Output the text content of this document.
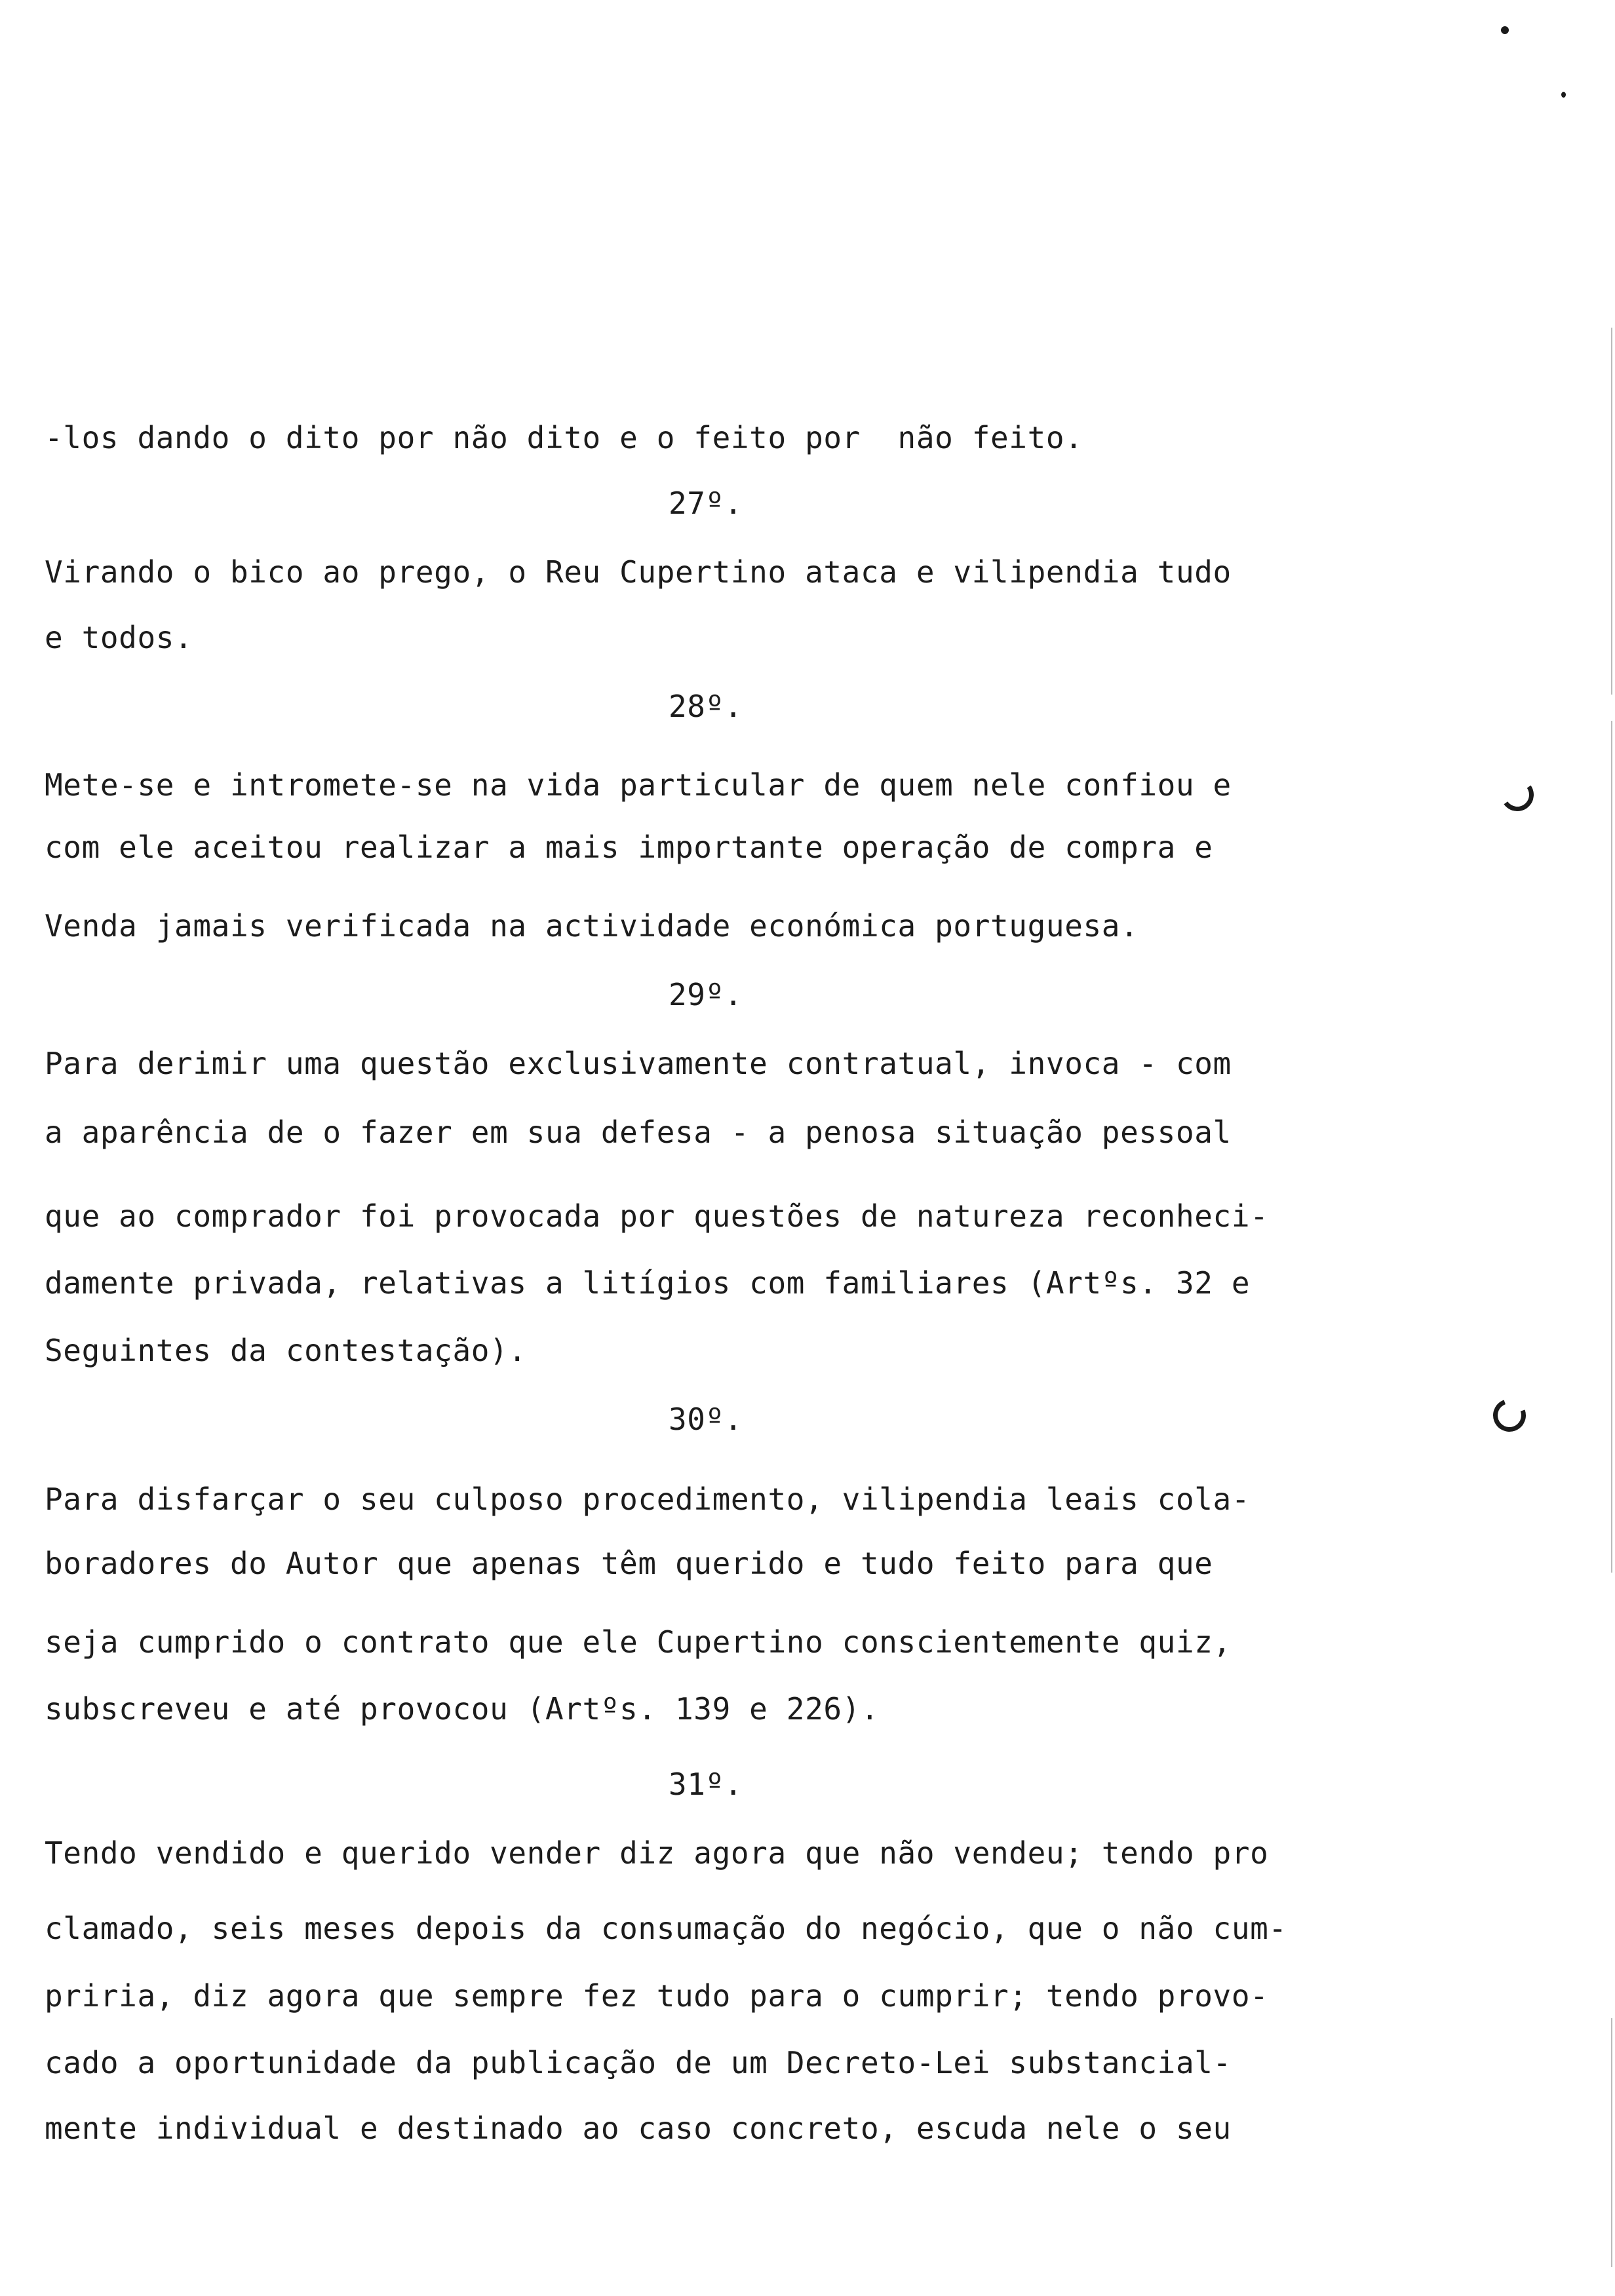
-los dando o dito por não dito e o feito por  não feito.
27º.
Virando o bico ao prego, o Reu Cupertino ataca e vilipendia tudo
e todos.
28º.
Mete-se e intromete-se na vida particular de quem nele confiou e
com ele aceitou realizar a mais importante operação de compra e
Venda jamais verificada na actividade económica portuguesa.
29º.
Para derimir uma questão exclusivamente contratual, invoca - com
a aparência de o fazer em sua defesa - a penosa situação pessoal
que ao comprador foi provocada por questões de natureza reconheci-
damente privada, relativas a litígios com familiares (Artºs. 32 e
Seguintes da contestação).
30º.
Para disfarçar o seu culposo procedimento, vilipendia leais cola-
boradores do Autor que apenas têm querido e tudo feito para que
seja cumprido o contrato que ele Cupertino conscientemente quiz,
subscreveu e até provocou (Artºs. 139 e 226).
31º.
Tendo vendido e querido vender diz agora que não vendeu; tendo pro
clamado, seis meses depois da consumação do negócio, que o não cum-
priria, diz agora que sempre fez tudo para o cumprir; tendo provo-
cado a oportunidade da publicação de um Decreto-Lei substancial-
mente individual e destinado ao caso concreto, escuda nele o seu
